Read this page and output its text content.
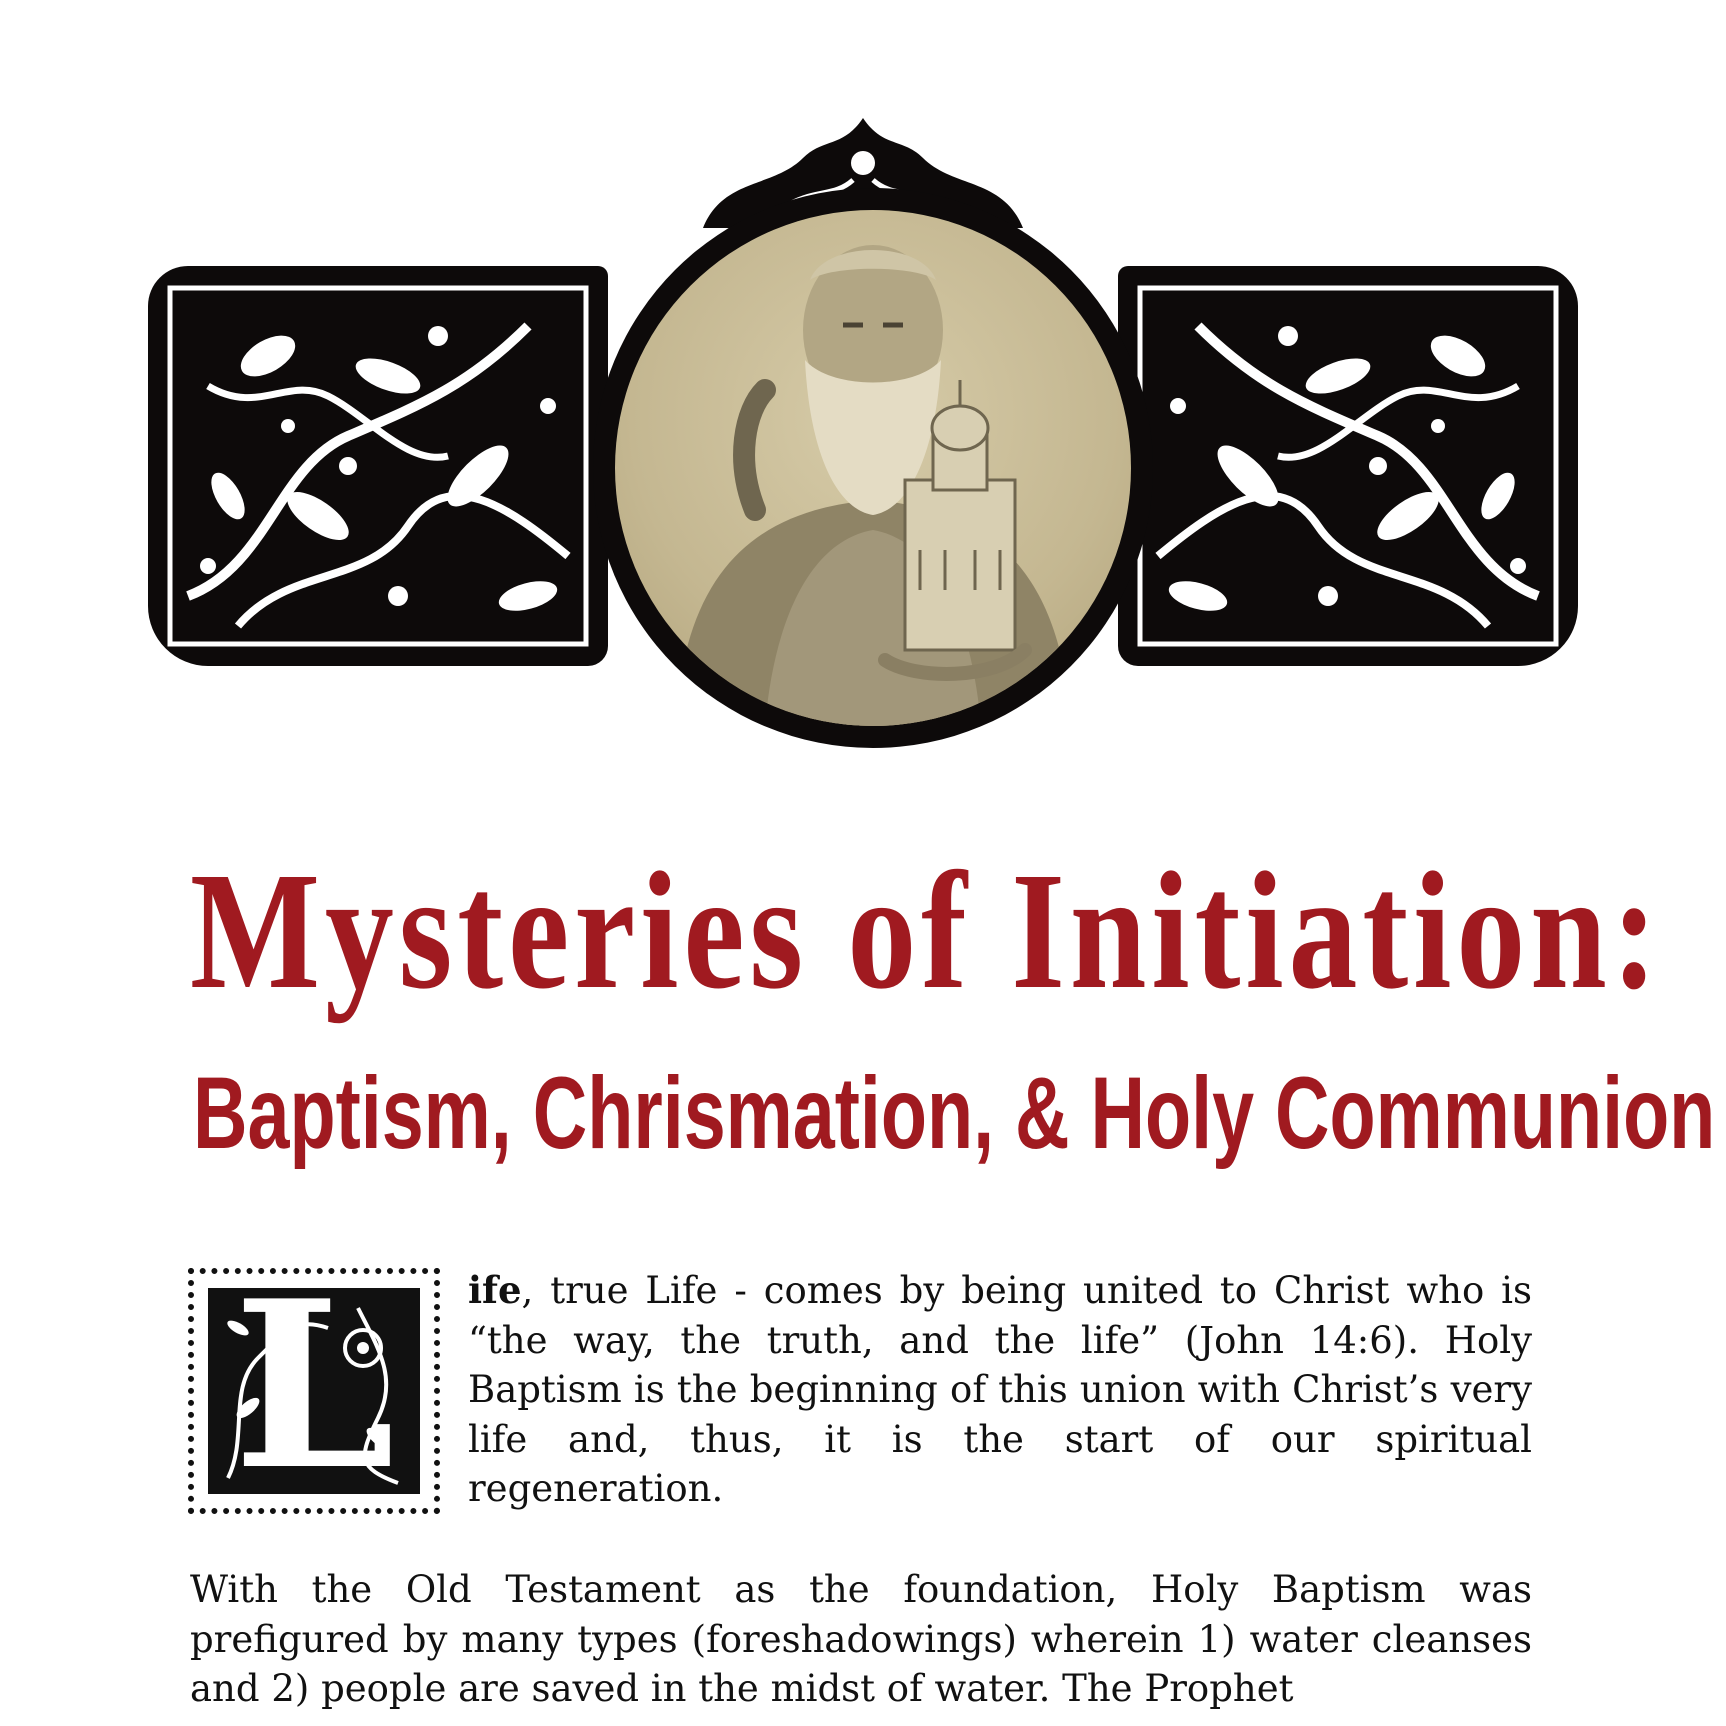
Mysteries of Initiation:
Baptism, Chrismation, & Holy Communion
L	ife, true Life - comes by being united to Christ who is “the way, the truth, and the life” (John 14:6). Holy Baptism is the beginning of this union with Christ’s very life and, thus, it is the start of our spiritual regeneration.

With the Old Testament as the foundation, Holy Baptism was prefigured by many types (foreshadowings) wherein 1) water cleanses and 2) people are saved in the midst of water. The Prophet
